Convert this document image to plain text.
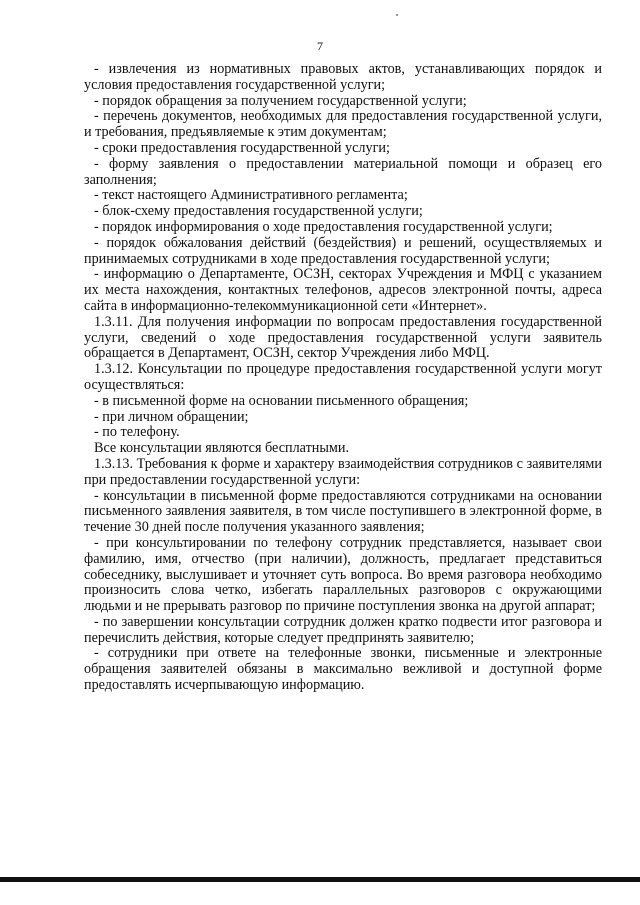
7

- извлечения из нормативных правовых актов, устанавливающих порядок и условия предоставления государственной услуги;

- порядок обращения за получением государственной услуги;

- перечень документов, необходимых для предоставления государственной услуги, и требования, предъявляемые к этим документам;

- сроки предоставления государственной услуги;

- форму заявления о предоставлении материальной помощи и образец его заполнения;

- текст настоящего Административного регламента;

- блок-схему предоставления государственной услуги;

- порядок информирования о ходе предоставления государственной услуги;

- порядок обжалования действий (бездействия) и решений, осуществляемых и принимаемых сотрудниками в ходе предоставления государственной услуги;

- информацию о Департаменте, ОСЗН, секторах Учреждения и МФЦ с указанием их места нахождения, контактных телефонов, адресов электронной почты, адреса сайта в информационно-телекоммуникационной сети «Интернет».

1.3.11. Для получения информации по вопросам предоставления государственной услуги, сведений о ходе предоставления государственной услуги заявитель обращается в Департамент, ОСЗН, сектор Учреждения либо МФЦ.

1.3.12. Консультации по процедуре предоставления государственной услуги могут осуществляться:

- в письменной форме на основании письменного обращения;

- при личном обращении;

- по телефону.

Все консультации являются бесплатными.

1.3.13. Требования к форме и характеру взаимодействия сотрудников с заявителями при предоставлении государственной услуги:

- консультации в письменной форме предоставляются сотрудниками на основании письменного заявления заявителя, в том числе поступившего в электронной форме, в течение 30 дней после получения указанного заявления;

- при консультировании по телефону сотрудник представляется, называет свои фамилию, имя, отчество (при наличии), должность, предлагает представиться собеседнику, выслушивает и уточняет суть вопроса. Во время разговора необходимо произносить слова четко, избегать параллельных разговоров с окружающими людьми и не прерывать разговор по причине поступления звонка на другой аппарат;

- по завершении консультации сотрудник должен кратко подвести итог разговора и перечислить действия, которые следует предпринять заявителю;

- сотрудники при ответе на телефонные звонки, письменные и электронные обращения заявителей обязаны в максимально вежливой и доступной форме предоставлять исчерпывающую информацию.
